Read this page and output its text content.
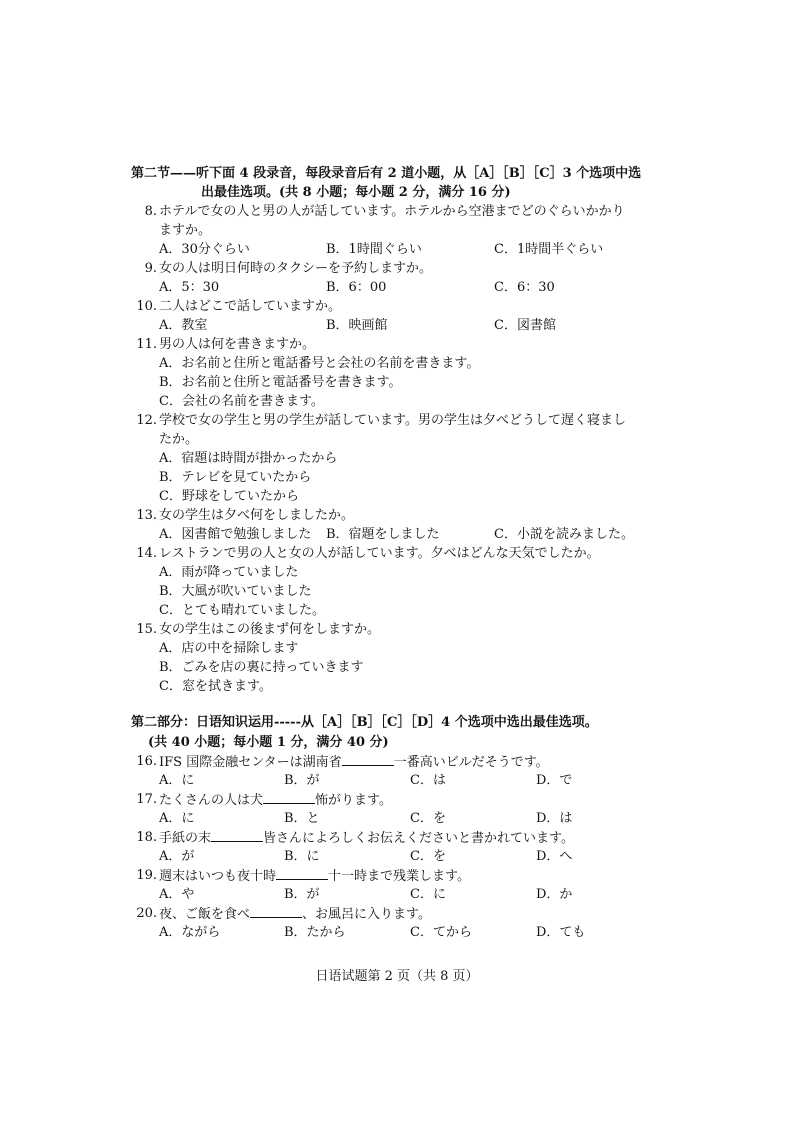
第二节——听下面 4 段录音，每段录音后有 2 道小题，从［A］［B］［C］3 个选项中选
出最佳选项。(共 8 小题；每小题 2 分，满分 16 分)
8. ホテルで女の人と男の人が話しています。ホテルから空港までどのぐらいかかり
ますか。
A．30分ぐらい	B．1時間ぐらい	C．1時間半ぐらい
9. 女の人は明日何時のタクシーを予約しますか。
A．5：30	B．6：00	C．6：30
10. 二人はどこで話していますか。
A．教室	B．映画館	C．図書館
11. 男の人は何を書きますか。
A．お名前と住所と電話番号と会社の名前を書きます。
B．お名前と住所と電話番号を書きます。
C．会社の名前を書きます。
12. 学校で女の学生と男の学生が話しています。男の学生は夕べどうして遅く寝まし
たか。
A．宿題は時間が掛かったから
B．テレビを見ていたから
C．野球をしていたから
13. 女の学生は夕べ何をしましたか。
A．図書館で勉強しました B．宿題をしました	C．小説を読みました。
14. レストランで男の人と女の人が話しています。夕べはどんな天気でしたか。
A．雨が降っていました
B．大風が吹いていました
C．とても晴れていました。
15. 女の学生はこの後まず何をしますか。
A．店の中を掃除します
B．ごみを店の裏に持っていきます
C．窓を拭きます。
第二部分：日语知识运用-----从［A］［B］［C］［D］4 个选项中选出最佳选项。
(共 40 小题；每小题 1 分，满分 40 分)
16. IFS 国際金融センターは湖南省	一番高いビルだそうです。
A．に	B．が	C．は	D．で
17. たくさんの人は犬	怖がります。
A．に	B．と	C．を	D．は
18. 手紙の末	皆さんによろしくお伝えくださいと書かれています。
A．が	B．に	C．を	D．へ
19. 週末はいつも夜十時	十一時まで残業します。
A．や	B．が	C．に	D．か
20. 夜、ご飯を食べ	、お風呂に入ります。
A．ながら	B．たから	C．てから	D．ても
日语试题第 2 页（共 8 页）
